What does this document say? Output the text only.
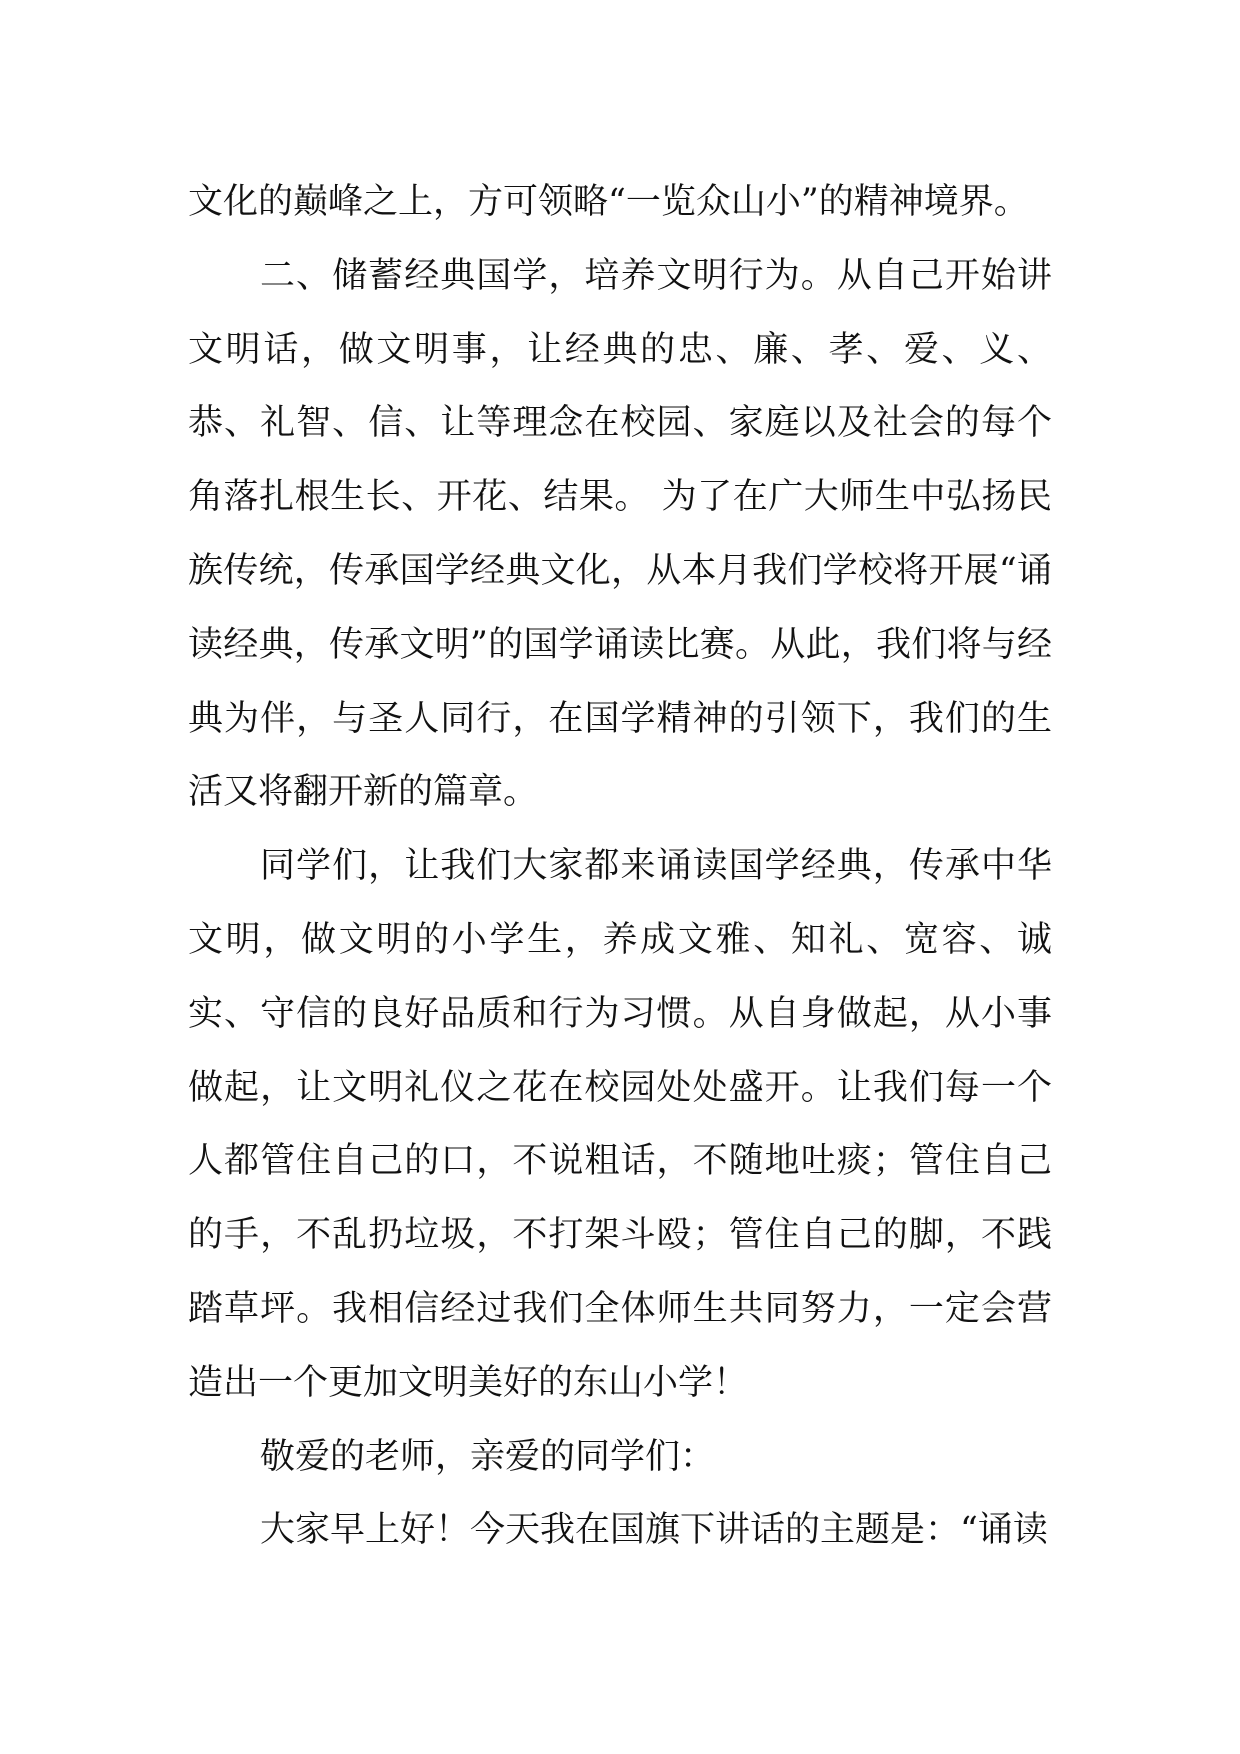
文化的巅峰之上，方可领略“一览众山小”的精神境界。

二、储蓄经典国学，培养文明行为。从自己开始讲文明话，做文明事，让经典的忠、廉、孝、爱、义、恭、礼智、信、让等理念在校园、家庭以及社会的每个角落扎根生长、开花、结果。 为了在广大师生中弘扬民族传统，传承国学经典文化，从本月我们学校将开展“诵读经典，传承文明”的国学诵读比赛。从此，我们将与经典为伴，与圣人同行，在国学精神的引领下，我们的生活又将翻开新的篇章。

同学们，让我们大家都来诵读国学经典，传承中华文明，做文明的小学生，养成文雅、知礼、宽容、诚实、守信的良好品质和行为习惯。从自身做起，从小事做起，让文明礼仪之花在校园处处盛开。让我们每一个人都管住自己的口，不说粗话，不随地吐痰；管住自己的手，不乱扔垃圾，不打架斗殴；管住自己的脚，不践踏草坪。我相信经过我们全体师生共同努力，一定会营造出一个更加文明美好的东山小学！

敬爱的老师，亲爱的同学们：

大家早上好！今天我在国旗下讲话的主题是：“诵读
